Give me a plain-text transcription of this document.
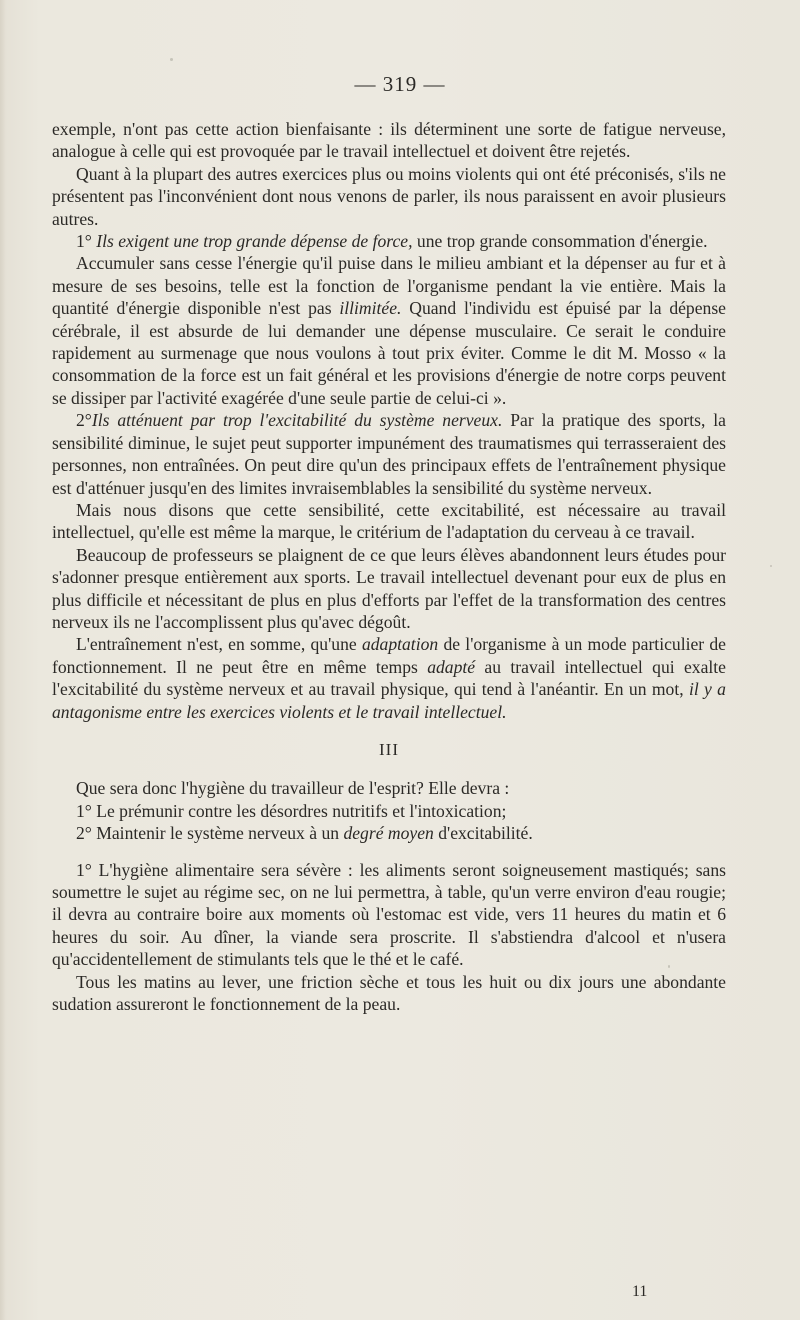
— 319 —

exemple, n'ont pas cette action bienfaisante : ils déterminent une sorte de fatigue nerveuse, analogue à celle qui est provoquée par le travail intellectuel et doivent être rejetés.

Quant à la plupart des autres exercices plus ou moins violents qui ont été préconisés, s'ils ne présentent pas l'inconvénient dont nous venons de parler, ils nous paraissent en avoir plusieurs autres.

1° Ils exigent une trop grande dépense de force, une trop grande consommation d'énergie.

Accumuler sans cesse l'énergie qu'il puise dans le milieu ambiant et la dépenser au fur et à mesure de ses besoins, telle est la fonction de l'organisme pendant la vie entière. Mais la quantité d'énergie disponible n'est pas illimitée. Quand l'individu est épuisé par la dépense cérébrale, il est absurde de lui demander une dépense musculaire. Ce serait le conduire rapidement au surmenage que nous voulons à tout prix éviter. Comme le dit M. Mosso « la consommation de la force est un fait général et les provisions d'énergie de notre corps peuvent se dissiper par l'activité exagérée d'une seule partie de celui-ci ».

2°Ils atténuent par trop l'excitabilité du système nerveux. Par la pratique des sports, la sensibilité diminue, le sujet peut supporter impunément des traumatismes qui terrasseraient des personnes, non entraînées. On peut dire qu'un des principaux effets de l'entraînement physique est d'atténuer jusqu'en des limites invraisemblables la sensibilité du système nerveux.

Mais nous disons que cette sensibilité, cette excitabilité, est nécessaire au travail intellectuel, qu'elle est même la marque, le critérium de l'adaptation du cerveau à ce travail.

Beaucoup de professeurs se plaignent de ce que leurs élèves abandonnent leurs études pour s'adonner presque entièrement aux sports. Le travail intellectuel devenant pour eux de plus en plus difficile et nécessitant de plus en plus d'efforts par l'effet de la transformation des centres nerveux ils ne l'accomplissent plus qu'avec dégoût.

L'entraînement n'est, en somme, qu'une adaptation de l'organisme à un mode particulier de fonctionnement. Il ne peut être en même temps adapté au travail intellectuel qui exalte l'excitabilité du système nerveux et au travail physique, qui tend à l'anéantir. En un mot, il y a antagonisme entre les exercices violents et le travail intellectuel.

III

Que sera donc l'hygiène du travailleur de l'esprit? Elle devra :

1° Le prémunir contre les désordres nutritifs et l'intoxication;

2° Maintenir le système nerveux à un degré moyen d'excitabilité.

1° L'hygiène alimentaire sera sévère : les aliments seront soigneusement mastiqués; sans soumettre le sujet au régime sec, on ne lui permettra, à table, qu'un verre environ d'eau rougie; il devra au contraire boire aux moments où l'estomac est vide, vers 11 heures du matin et 6 heures du soir. Au dîner, la viande sera proscrite. Il s'abstiendra d'alcool et n'usera qu'accidentellement de stimulants tels que le thé et le café.

Tous les matins au lever, une friction sèche et tous les huit ou dix jours une abondante sudation assureront le fonctionnement de la peau.

11
